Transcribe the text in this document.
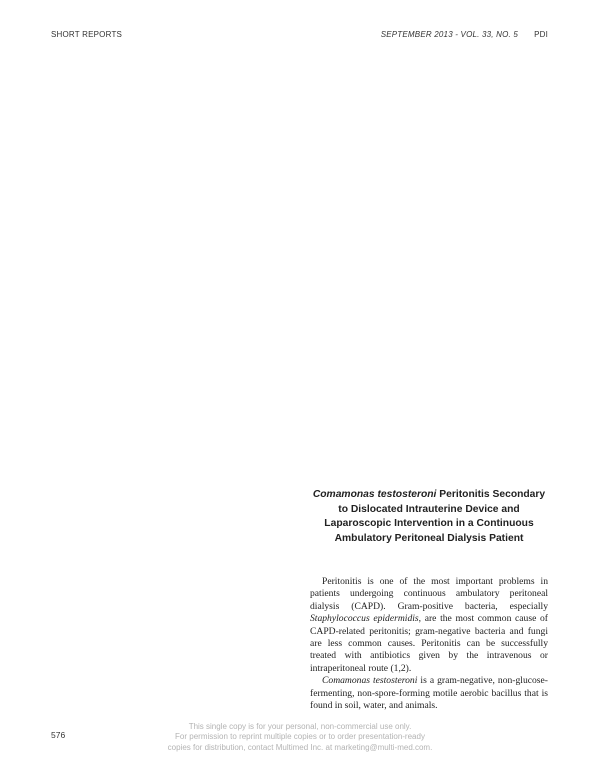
SHORT REPORTS	SEPTEMBER 2013 - VOL. 33, NO. 5 PDI
Comamonas testosteroni Peritonitis Secondary to Dislocated Intrauterine Device and Laparoscopic Intervention in a Continuous Ambulatory Peritoneal Dialysis Patient

Peritonitis is one of the most important problems in patients undergoing continuous ambulatory peritoneal dialysis (CAPD). Gram-positive bacteria, especially Staphylococcus epidermidis, are the most common cause of CAPD-related peritonitis; gram-negative bacteria and fungi are less common causes. Peritonitis can be successfully treated with antibiotics given by the intravenous or intraperitoneal route (1,2).

Comamonas testosteroni is a gram-negative, non-glucose-fermenting, non-spore-forming motile aerobic bacillus that is found in soil, water, and animals.

576
This single copy is for your personal, non-commercial use only.
For permission to reprint multiple copies or to order presentation-ready
copies for distribution, contact Multimed Inc. at marketing@multi-med.com.
